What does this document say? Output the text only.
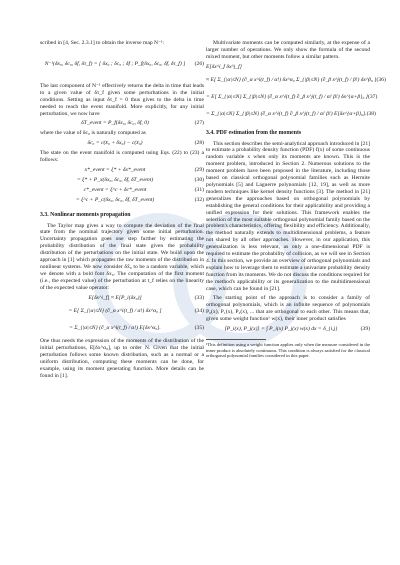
scribed in [4, Sec. 2.3.1] to obtain the inverse map N⁻¹:

N⁻¹(δx₀, δc₀, δf, δτ_f) = [ δx₀ ; δc₀ ; δf ; P_f(δx₀, δc₀, δf, δτ_f) ]	(26)

The last component of N⁻¹ effectively returns the delta in time that leads to a given value of δτ_f given some perturbations in the initial conditions. Setting as input δτ_f = 0 thus gives to the delta in time needed to reach the event manifold. More explicitly, for any initial perturbation, we now have

δT_event = P_f(δx₀, δc₀, δf, 0)	(27)

where the value of δc₀ is naturally computed as

δc₀ = c(x̄₀ + δx₀) − c(x̄₀)	(28)

The state on the event manifold is computed using Eqs. (22) to (23) a follows:

x*_event = ξ* + δx*_event	(29)
= ξ* + P_x(δx₀, δc₀, δf, δT_event)	(30)
c*_event = ξ^c + δc*_event	(31)
= ξ^c + P_c(δx₀, δc₀, δf, δT_event)	(32)
3.3. Nonlinear moments propagation

The Taylor map gives a way to compute the deviation of the final state from the nominal trajectory given some initial perturbation. Uncertainty propagation goes one step further by estimating the probability distribution of the final state given the probability distribution of the perturbations on the initial state. We build upon the approach in [1] which propagates the raw moments of the distribution in nonlinear systems. We now consider δx̃₀ to be a random variable, which we denote with a bold font δx₀. The computation of the first moment (i.e., the expected value) of the perturbation at t_f relies on the linearity of the expected value operator:

E[δx^i_f] ≈ E[P_i(δx₀)]	(33)
= E[ Σ_{|α|≤N} (∂_α x^i(t_f) / α!) δx^α₀ ]	(34)
= Σ_{|α|≤N} (∂_α x^i(t_f) / α!) E[δx^α₀].	(35)

One thus needs the expression of the moments of the distribution of the initial perturbations, E[δx^α₀], up to order N. Given that the initial perturbation follows some known distribution, such as a normal or a uniform distribution, computing these moments can be done, for example, using its moment generating function. More details can be found in [1].

Multivariate moments can be computed similarly, at the expense of a larger number of operations. We only show the formula of the second mixed moment, but other moments follow a similar pattern.

E[δx^i_f δx^j_f]
≈ E[ Σ_{|α|≤N} (∂_α x^i(t_f) / α!) δx^α₀ Σ_{|β|≤N} (∂_β x^j(t_f) / β!) δx^β₀ ] (36)
= E[ Σ_{|α|≤N} Σ_{|β|≤N} (∂_α x^i(t_f) ∂_β x^j(t_f) / α! β!) δx^{α+β}₀ ] (37)
= Σ_{|α|≤N} Σ_{|β|≤N} (∂_α x^i(t_f) ∂_β x^j(t_f) / α! β!) E[δx^{α+β}₀]. (38)
3.4. PDF estimation from the moments

This section describes the semi-analytical approach introduced in [21] to estimate a probability density function (PDF) f(x) of some continuous random variable x when only its moments are known. This is the moment problem, introduced in Section 2. Numerous solutions to the moment problem have been proposed in the literature, including those based on classical orthogonal polynomial families such as Hermite polynomials [5] and Laguerre polynomials [12, 19], as well as more modern techniques like kernel density functions [3]. The method in [21] generalizes the approaches based on orthogonal polynomials by establishing the general conditions for their applicability and providing a unified expression for their solutions. This framework enables the selection of the most suitable orthogonal polynomial family based on the problem's characteristics, offering flexibility and efficiency. Additionally, the method naturally extends to multidimensional problems, a feature not shared by all other approaches. However, in our application, this generalization is less relevant, as only a one-dimensional PDF is required to estimate the probability of collision, as we will see in Section 4. In this section, we provide an overview of orthogonal polynomials and explain how to leverage them to estimate a univariate probability density function from its moments. We do not discuss the conditions required for the method's applicability or its generalization to the multidimensional case, which can be found in [21].

The starting point of the approach is to consider a family of orthogonal polynomials, which is an infinite sequence of polynomials P₀(x), P₁(x), P₂(x), ... that are orthogonal to each other. This means that, given some weight function¹ w(x), their inner product satisfies

⟨P_i(x), P_j(x)⟩ = ∫ P_i(x) P_j(x) w(x) dx = δ_{i,j}	(39)

¹This definition using a weight function applies only when the measure considered in the inner product is absolutely continuous. This condition is always satisfied for the classical orthogonal polynomial families considered in this paper.
